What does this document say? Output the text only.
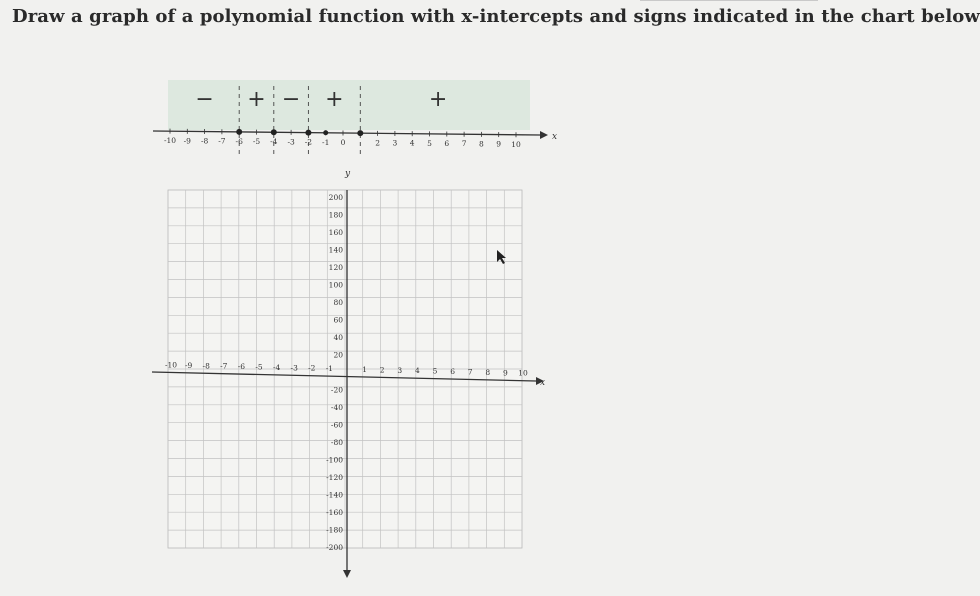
Draw a graph of a polynomial function with x-intercepts and signs indicated in the chart below
x
-10 -9 -8 -7 -6 -5 -4 -3 -2 -1 0	2 3 4 5 6 7 8 9 10
− + − +	+
x
y
-10 -9 -8 -7 -6 -5 -4 -3 -2 -1	1 2 3 4 5 6 7 8 9 10
200
180
160
140
120
100
80
60
40
20
-20
-40
-60
-80
-100
-120
-140
-160
-180
-200
